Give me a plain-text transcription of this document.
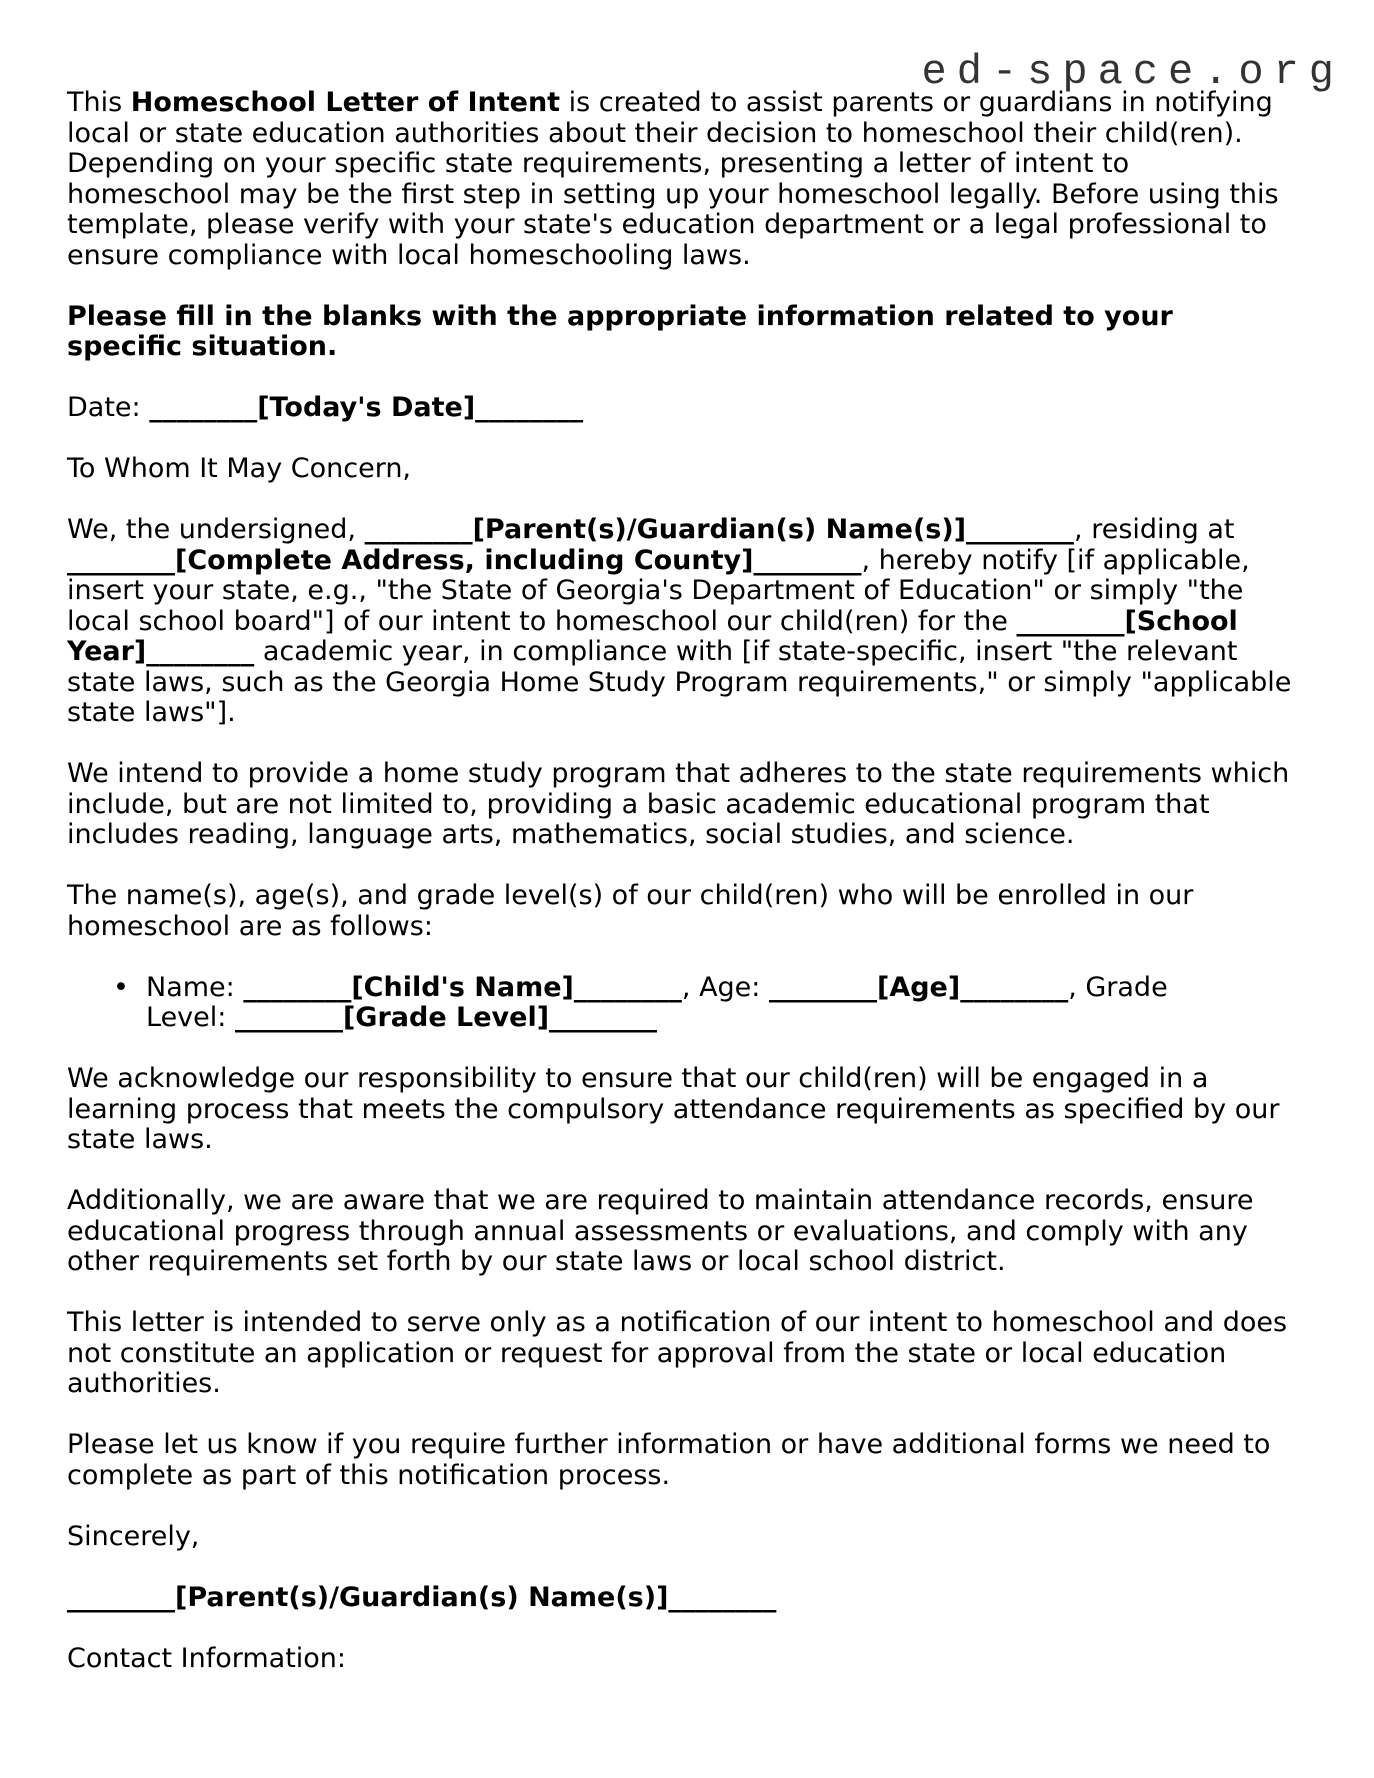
ed-space.org
This Homeschool Letter of Intent is created to assist parents or guardians in notifying
local or state education authorities about their decision to homeschool their child(ren).
Depending on your specific state requirements, presenting a letter of intent to
homeschool may be the first step in setting up your homeschool legally. Before using this
template, please verify with your state's education department or a legal professional to
ensure compliance with local homeschooling laws.
Please fill in the blanks with the appropriate information related to your
specific situation.
Date: ________[Today's Date]________
To Whom It May Concern,
We, the undersigned, ________[Parent(s)/Guardian(s) Name(s)]________, residing at
________[Complete Address, including County]________, hereby notify [if applicable,
insert your state, e.g., "the State of Georgia's Department of Education" or simply "the
local school board"] of our intent to homeschool our child(ren) for the ________[School
Year]________ academic year, in compliance with [if state-specific, insert "the relevant
state laws, such as the Georgia Home Study Program requirements," or simply "applicable
state laws"].
We intend to provide a home study program that adheres to the state requirements which
include, but are not limited to, providing a basic academic educational program that
includes reading, language arts, mathematics, social studies, and science.
The name(s), age(s), and grade level(s) of our child(ren) who will be enrolled in our
homeschool are as follows:
• Name: ________[Child's Name]________, Age: ________[Age]________, Grade
Level: ________[Grade Level]________
We acknowledge our responsibility to ensure that our child(ren) will be engaged in a
learning process that meets the compulsory attendance requirements as specified by our
state laws.
Additionally, we are aware that we are required to maintain attendance records, ensure
educational progress through annual assessments or evaluations, and comply with any
other requirements set forth by our state laws or local school district.
This letter is intended to serve only as a notification of our intent to homeschool and does
not constitute an application or request for approval from the state or local education
authorities.
Please let us know if you require further information or have additional forms we need to
complete as part of this notification process.
Sincerely,
________[Parent(s)/Guardian(s) Name(s)]________
Contact Information:
